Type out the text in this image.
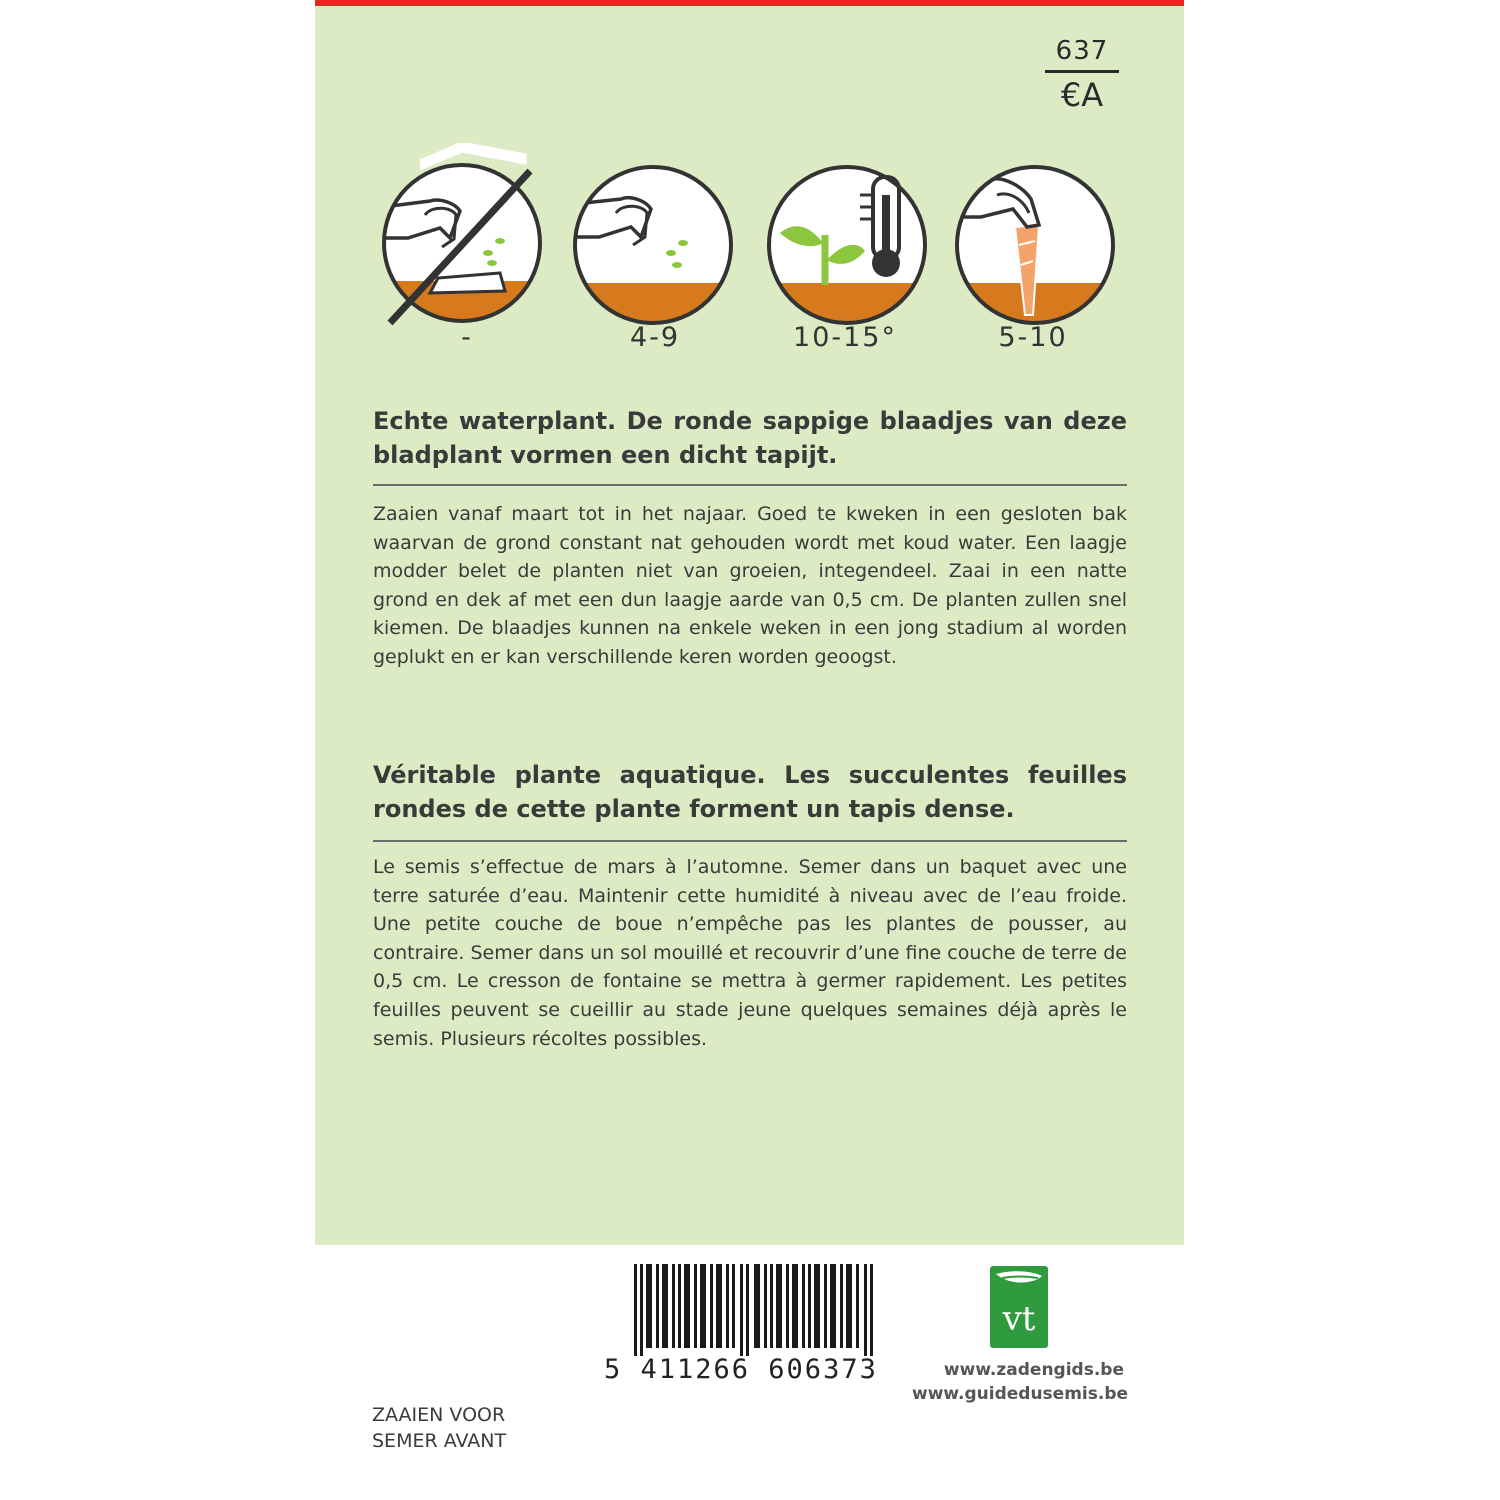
637
€A
-	4-9	10-15°	5-10
Echte waterplant. De ronde sappige blaadjes van deze bladplant vormen een dicht tapijt.
Zaaien vanaf maart tot in het najaar. Goed te kweken in een gesloten bak waarvan de grond constant nat gehouden wordt met koud water. Een laagje modder belet de planten niet van groeien, integendeel. Zaai in een natte grond en dek af met een dun laagje aarde van 0,5 cm. De planten zullen snel kiemen. De blaadjes kunnen na enkele weken in een jong stadium al worden geplukt en er kan verschillende keren worden geoogst.
Véritable plante aquatique. Les succulentes feuilles rondes de cette plante forment un tapis dense.
Le semis s’effectue de mars à l’automne. Semer dans un baquet avec une terre saturée d’eau. Maintenir cette humidité à niveau avec de l’eau froide. Une petite couche de boue n’empêche pas les plantes de pousser, au contraire. Semer dans un sol mouillé et recouvrir d’une fine couche de terre de 0,5 cm. Le cresson de fontaine se mettra à germer rapidement. Les petites feuilles peuvent se cueillir au stade jeune quelques semaines déjà après le semis. Plusieurs récoltes possibles.
5 411266 606373
vt
www.zadengids.be
www.guidedusemis.be
ZAAIEN VOOR
SEMER AVANT
